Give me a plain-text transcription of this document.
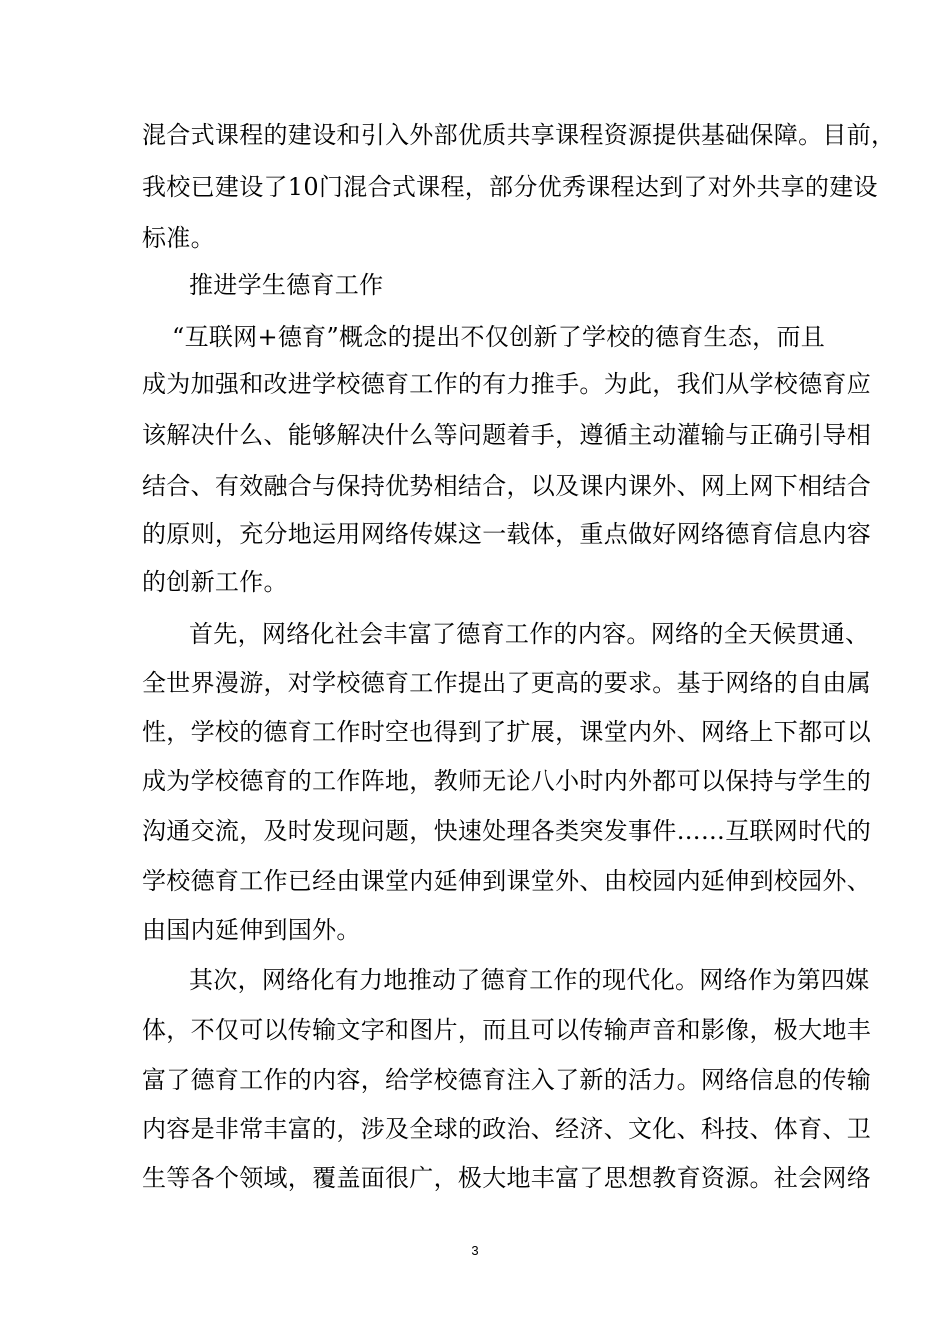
混合式课程的建设和引入外部优质共享课程资源提供基础保障。目前，
我校已建设了10门混合式课程，部分优秀课程达到了对外共享的建设
标准。
推进学生德育工作
“互联网+德育”概念的提出不仅创新了学校的德育生态，而且
成为加强和改进学校德育工作的有力推手。为此，我们从学校德育应
该解决什么、能够解决什么等问题着手，遵循主动灌输与正确引导相
结合、有效融合与保持优势相结合，以及课内课外、网上网下相结合
的原则，充分地运用网络传媒这一载体，重点做好网络德育信息内容
的创新工作。
首先，网络化社会丰富了德育工作的内容。网络的全天候贯通、
全世界漫游，对学校德育工作提出了更高的要求。基于网络的自由属
性，学校的德育工作时空也得到了扩展，课堂内外、网络上下都可以
成为学校德育的工作阵地，教师无论八小时内外都可以保持与学生的
沟通交流，及时发现问题，快速处理各类突发事件……互联网时代的
学校德育工作已经由课堂内延伸到课堂外、由校园内延伸到校园外、
由国内延伸到国外。
其次，网络化有力地推动了德育工作的现代化。网络作为第四媒
体，不仅可以传输文字和图片，而且可以传输声音和影像，极大地丰
富了德育工作的内容，给学校德育注入了新的活力。网络信息的传输
内容是非常丰富的，涉及全球的政治、经济、文化、科技、体育、卫
生等各个领域，覆盖面很广，极大地丰富了思想教育资源。社会网络
3
